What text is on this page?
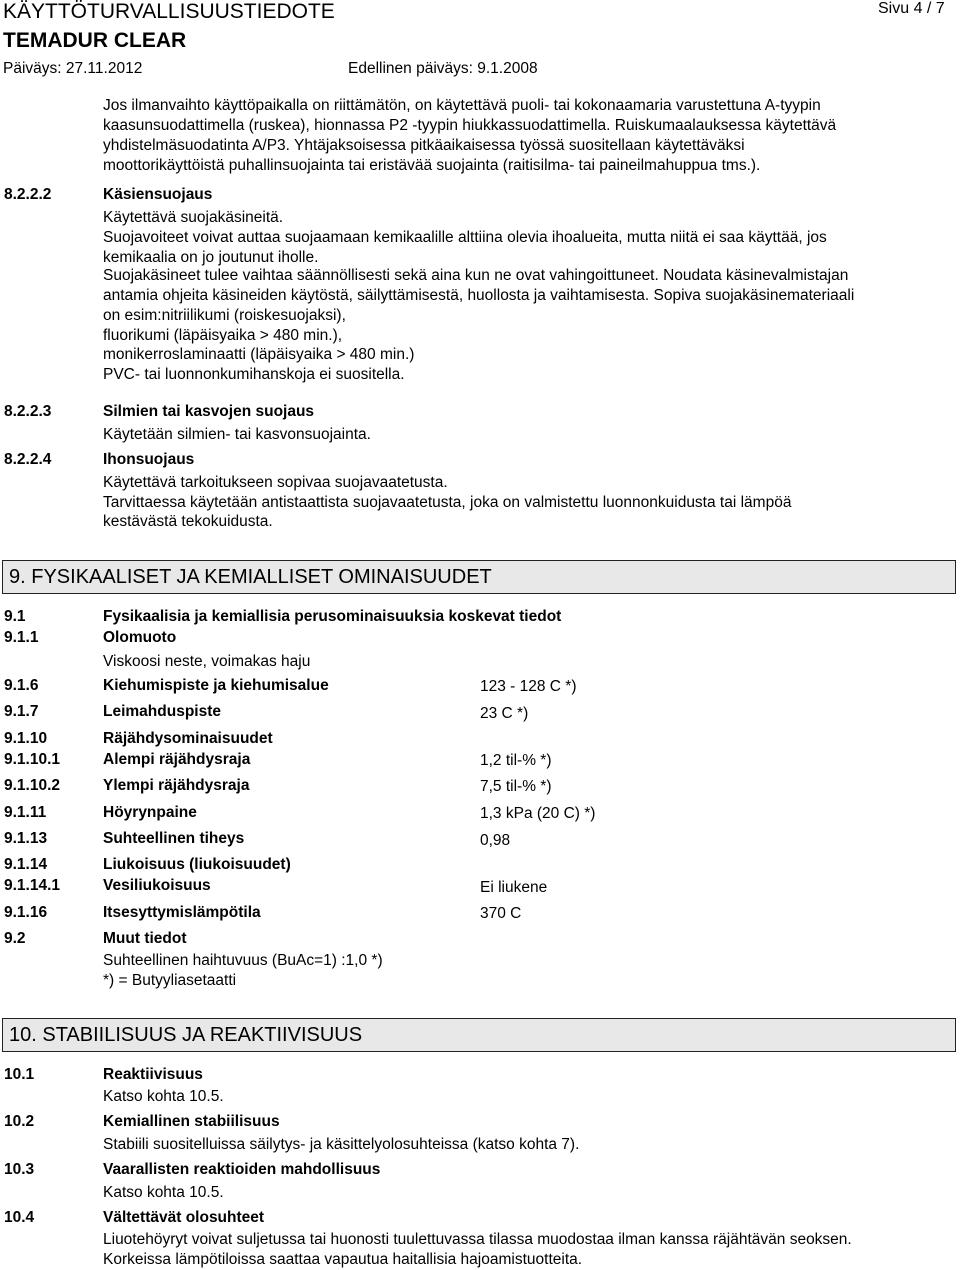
KÄYTTÖTURVALLISUUSTIEDOTE	Sivu 4 / 7
TEMADUR CLEAR
Päiväys: 27.11.2012	Edellinen päiväys: 9.1.2008
Jos ilmanvaihto käyttöpaikalla on riittämätön, on käytettävä puoli- tai kokonaamaria varustettuna A-tyypin
kaasunsuodattimella (ruskea), hionnassa P2 -tyypin hiukkassuodattimella. Ruiskumaalauksessa käytettävä
yhdistelmäsuodatinta A/P3. Yhtäjaksoisessa pitkäaikaisessa työssä suositellaan käytettäväksi
moottorikäyttöistä puhallinsuojainta tai eristävää suojainta (raitisilmа- tai paineilmahuppua tms.).
8.2.2.2	Käsiensuojaus
Käytettävä suojakäsineitä.
Suojavoiteet voivat auttaa suojaamaan kemikaalille alttiina olevia ihoalueita, mutta niitä ei saa käyttää, jos
kemikaalia on jo joutunut iholle.
Suojakäsineet tulee vaihtaa säännöllisesti sekä aina kun ne ovat vahingoittuneet. Noudata käsinevalmistajan
antamia ohjeita käsineiden käytöstä, säilyttämisestä, huollosta ja vaihtamisesta. Sopiva suojakäsinemateriaali
on esim:nitriilikumi (roiskesuojaksi),
fluorikumi (läpäisyaika > 480 min.),
monikerroslaminaatti (läpäisyaika > 480 min.)
PVC- tai luonnonkumihanskoja ei suositella.
8.2.2.3	Silmien tai kasvojen suojaus
Käytetään silmien- tai kasvonsuojainta.
8.2.2.4	Ihonsuojaus
Käytettävä tarkoitukseen sopivaa suojavaatetusta.
Tarvittaessa käytetään antistaattista suojavaatetusta, joka on valmistettu luonnonkuidusta tai lämpöä
kestävästä tekokuidusta.
9. FYSIKAALISET JA KEMIALLISET OMINAISUUDET
9.1	Fysikaalisia ja kemiallisia perusominaisuuksia koskevat tiedot
9.1.1	Olomuoto
Viskoosi neste, voimakas haju
9.1.6	Kiehumispiste ja kiehumisalue	123 - 128 C *)
9.1.7	Leimahduspiste	23 C *)
9.1.10	Räjähdysominaisuudet
9.1.10.1	Alempi räjähdysraja	1,2 til-% *)
9.1.10.2	Ylempi räjähdysraja	7,5 til-% *)
9.1.11	Höyrynpaine	1,3 kPa (20 C) *)
9.1.13	Suhteellinen tiheys	0,98
9.1.14	Liukoisuus (liukoisuudet)
9.1.14.1	Vesiliukoisuus	Ei liukene
9.1.16	Itsesyttymislämpötila	370 C
9.2	Muut tiedot
Suhteellinen haihtuvuus (BuAc=1) :1,0 *)
*) = Butyyliasetaatti
10. STABIILISUUS JA REAKTIIVISUUS
10.1	Reaktiivisuus
Katso kohta 10.5.
10.2	Kemiallinen stabiilisuus
Stabiili suositelluissa säilytys- ja käsittelyolosuhteissa (katso kohta 7).
10.3	Vaarallisten reaktioiden mahdollisuus
Katso kohta 10.5.
10.4	Vältettävät olosuhteet
Liuotehöyryt voivat suljetussa tai huonosti tuulettuvassa tilassa muodostaa ilman kanssa räjähtävän seoksen.
Korkeissa lämpötiloissa saattaa vapautua haitallisia hajoamistuotteita.
